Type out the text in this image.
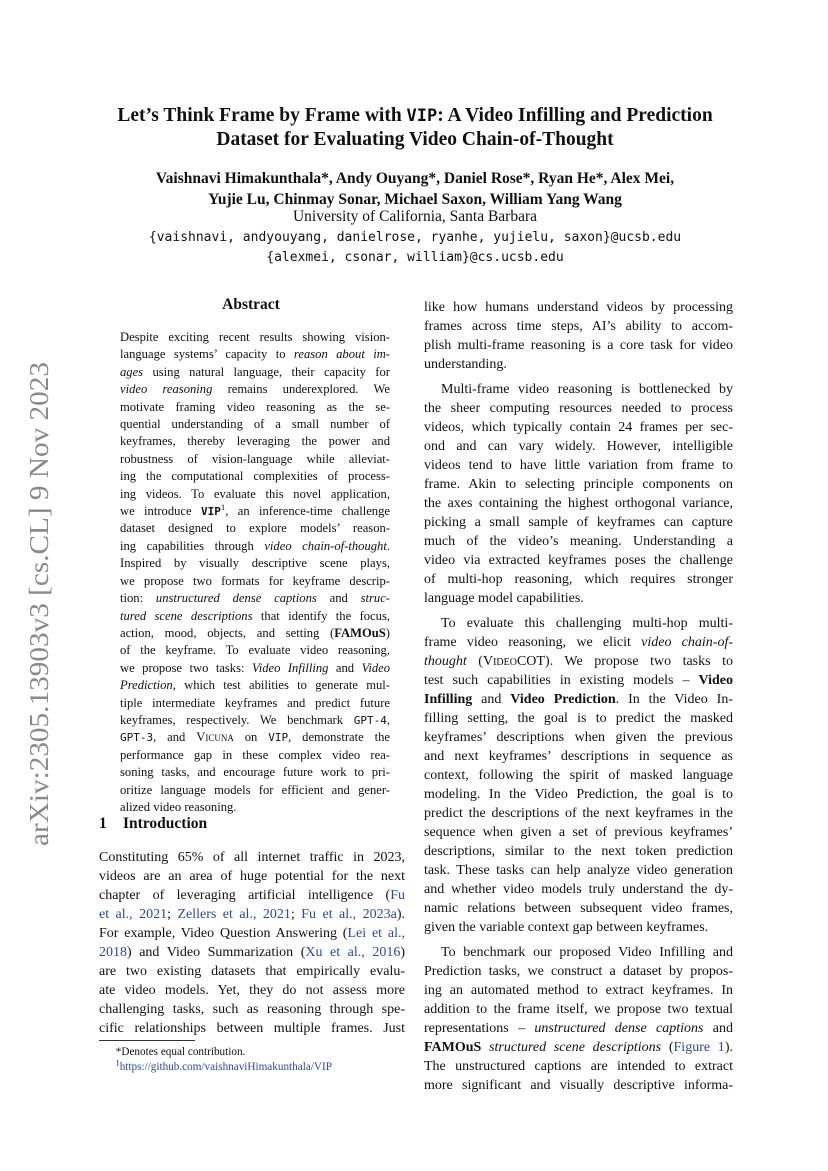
arXiv:2305.13903v3 [cs.CL] 9 Nov 2023
Let’s Think Frame by Frame with VIP: A Video Infilling and Prediction
Dataset for Evaluating Video Chain-of-Thought
Vaishnavi Himakunthala*, Andy Ouyang*, Daniel Rose*, Ryan He*, Alex Mei,
Yujie Lu, Chinmay Sonar, Michael Saxon, William Yang Wang
University of California, Santa Barbara
{vaishnavi, andyouyang, danielrose, ryanhe, yujielu, saxon}@ucsb.edu
{alexmei, csonar, william}@cs.ucsb.edu
Abstract
Despite exciting recent results showing vision-
language systems’ capacity to reason about im-
ages using natural language, their capacity for
video reasoning remains underexplored. We
motivate framing video reasoning as the se-
quential understanding of a small number of
keyframes, thereby leveraging the power and
robustness of vision-language while alleviat-
ing the computational complexities of process-
ing videos. To evaluate this novel application,
we introduce VIP$^1$, an inference-time challenge
dataset designed to explore models’ reason-
ing capabilities through video chain-of-thought.
Inspired by visually descriptive scene plays,
we propose two formats for keyframe descrip-
tion: unstructured dense captions and struc-
tured scene descriptions that identify the focus,
action, mood, objects, and setting (FAMOuS)
of the keyframe. To evaluate video reasoning,
we propose two tasks: Video Infilling and Video
Prediction, which test abilities to generate mul-
tiple intermediate keyframes and predict future
keyframes, respectively. We benchmark GPT-4,
GPT-3, and Vicuna on VIP, demonstrate the
performance gap in these complex video rea-
soning tasks, and encourage future work to pri-
oritize language models for efficient and gener-
alized video reasoning.
1 Introduction
Constituting 65% of all internet traffic in 2023,
videos are an area of huge potential for the next
chapter of leveraging artificial intelligence (Fu
et al., 2021; Zellers et al., 2021; Fu et al., 2023a).
For example, Video Question Answering (Lei et al.,
2018) and Video Summarization (Xu et al., 2016)
are two existing datasets that empirically evalu-
ate video models. Yet, they do not assess more
challenging tasks, such as reasoning through spe-
cific relationships between multiple frames. Just
*Denotes equal contribution.
$^1$https://github.com/vaishnaviHimakunthala/VIP
like how humans understand videos by processing
frames across time steps, AI’s ability to accom-
plish multi-frame reasoning is a core task for video
understanding.
Multi-frame video reasoning is bottlenecked by
the sheer computing resources needed to process
videos, which typically contain 24 frames per sec-
ond and can vary widely. However, intelligible
videos tend to have little variation from frame to
frame. Akin to selecting principle components on
the axes containing the highest orthogonal variance,
picking a small sample of keyframes can capture
much of the video’s meaning. Understanding a
video via extracted keyframes poses the challenge
of multi-hop reasoning, which requires stronger
language model capabilities.
To evaluate this challenging multi-hop multi-
frame video reasoning, we elicit video chain-of-
thought (VideoCOT). We propose two tasks to
test such capabilities in existing models – Video
Infilling and Video Prediction. In the Video In-
filling setting, the goal is to predict the masked
keyframes’ descriptions when given the previous
and next keyframes’ descriptions in sequence as
context, following the spirit of masked language
modeling. In the Video Prediction, the goal is to
predict the descriptions of the next keyframes in the
sequence when given a set of previous keyframes’
descriptions, similar to the next token prediction
task. These tasks can help analyze video generation
and whether video models truly understand the dy-
namic relations between subsequent video frames,
given the variable context gap between keyframes.
To benchmark our proposed Video Infilling and
Prediction tasks, we construct a dataset by propos-
ing an automated method to extract keyframes. In
addition to the frame itself, we propose two textual
representations – unstructured dense captions and
FAMOuS structured scene descriptions (Figure 1).
The unstructured captions are intended to extract
more significant and visually descriptive informa-
